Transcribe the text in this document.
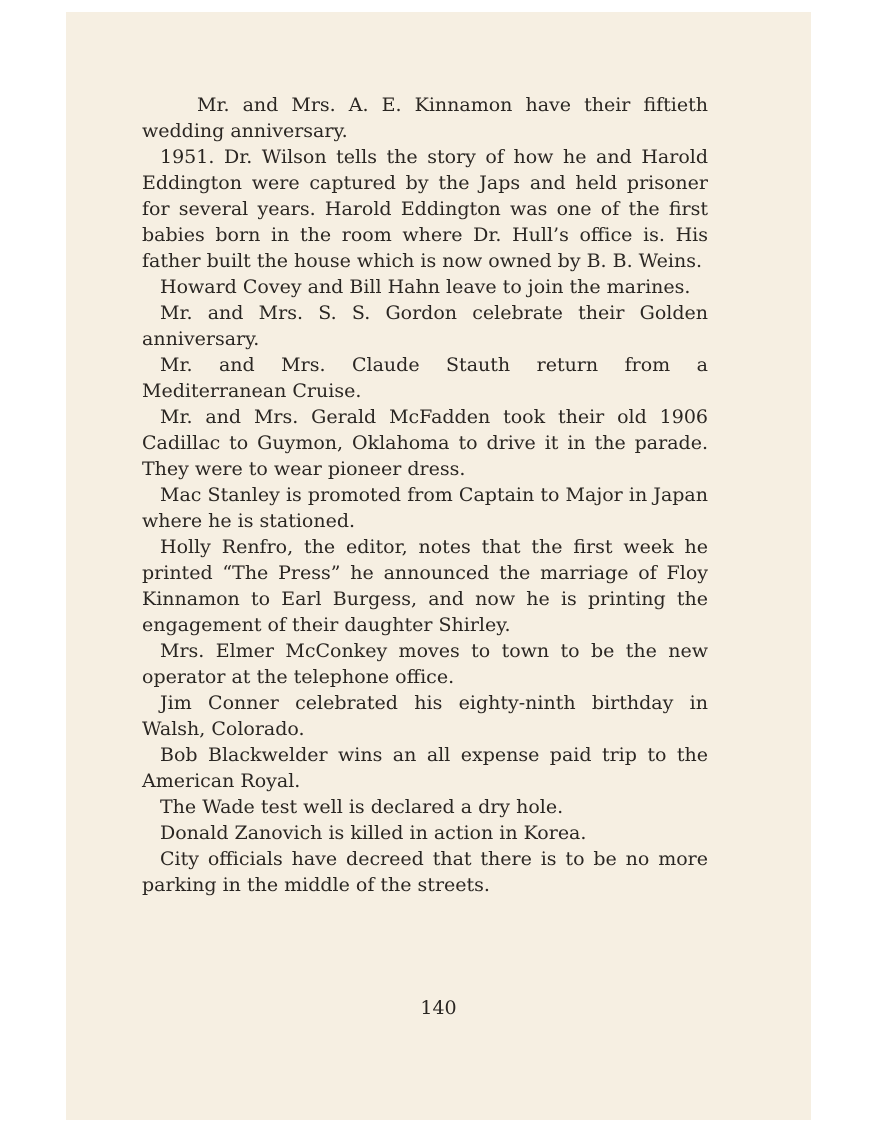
Mr. and Mrs. A. E. Kinnamon have their fiftieth wedding anniversary.

1951. Dr. Wilson tells the story of how he and Harold Eddington were captured by the Japs and held prisoner for several years. Harold Eddington was one of the first babies born in the room where Dr. Hull’s office is. His father built the house which is now owned by B. B. Weins.

Howard Covey and Bill Hahn leave to join the marines.

Mr. and Mrs. S. S. Gordon celebrate their Golden anniversary.

Mr. and Mrs. Claude Stauth return from a Mediterranean Cruise.

Mr. and Mrs. Gerald McFadden took their old 1906 Cadillac to Guymon, Oklahoma to drive it in the parade. They were to wear pioneer dress.

Mac Stanley is promoted from Captain to Major in Japan where he is stationed.

Holly Renfro, the editor, notes that the first week he printed “The Press” he announced the marriage of Floy Kinnamon to Earl Burgess, and now he is printing the engagement of their daughter Shirley.

Mrs. Elmer McConkey moves to town to be the new operator at the telephone office.

Jim Conner celebrated his eighty-ninth birthday in Walsh, Colorado.

Bob Blackwelder wins an all expense paid trip to the American Royal.

The Wade test well is declared a dry hole.

Donald Zanovich is killed in action in Korea.

City officials have decreed that there is to be no more parking in the middle of the streets.

140
